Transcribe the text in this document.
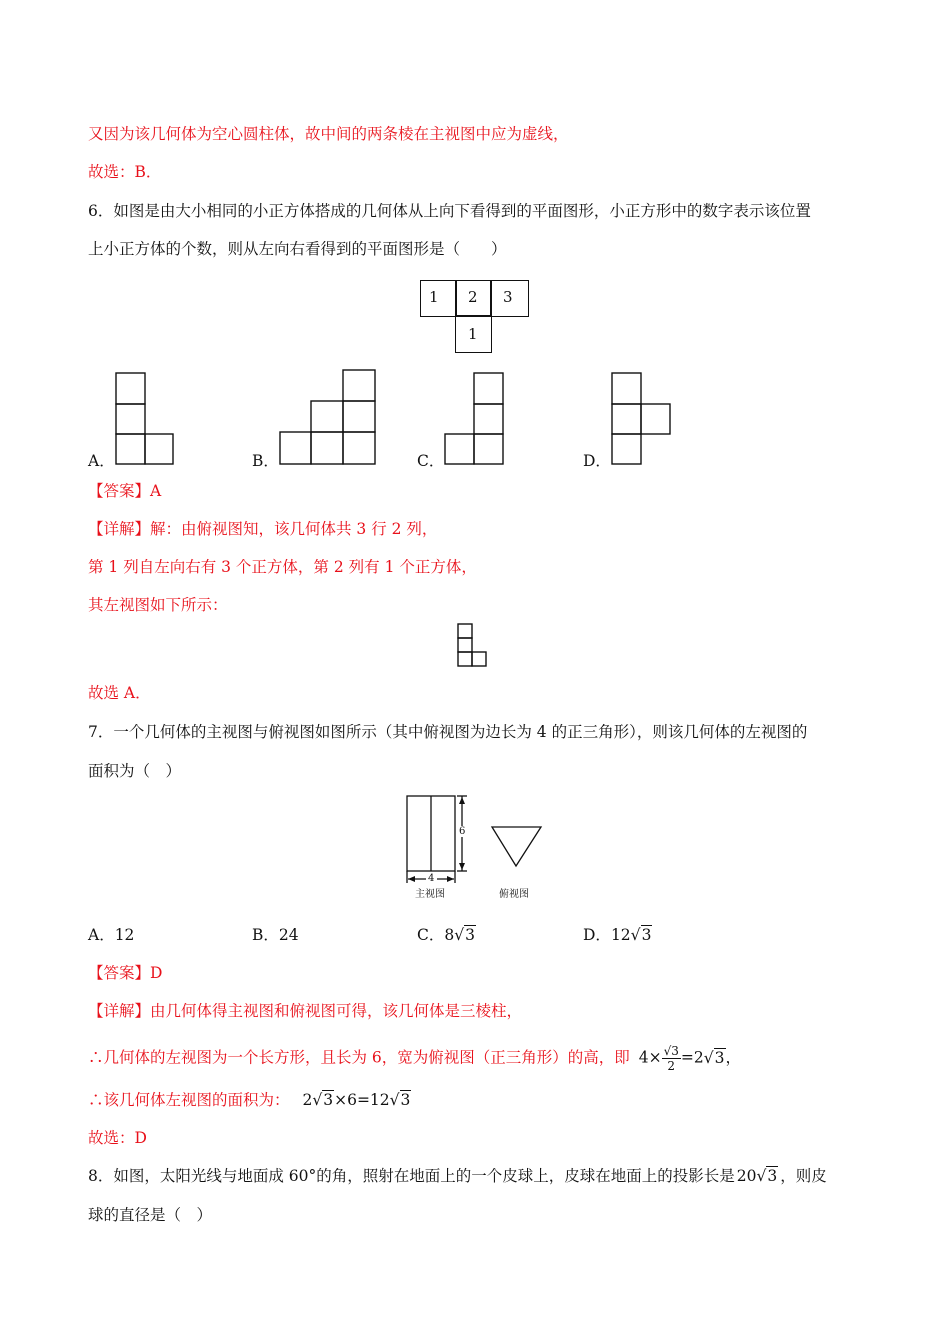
又因为该几何体为空心圆柱体，故中间的两条棱在主视图中应为虚线，
故选：B．
6．如图是由大小相同的小正方体搭成的几何体从上向下看得到的平面图形，小正方形中的数字表示该位置
上小正方体的个数，则从左向右看得到的平面图形是（　　）
1 2 3
1
A．	B．	C．	D．
【答案】A
【详解】解：由俯视图知，该几何体共 3 行 2 列，
第 1 列自左向右有 3 个正方体，第 2 列有 1 个正方体，
其左视图如下所示：
故选 A．
7．一个几何体的主视图与俯视图如图所示（其中俯视图为边长为 4 的正三角形），则该几何体的左视图的
面积为（　）
6
4
主视图	俯视图
A．12	B．24	C．8√3	D．12√3
【答案】D
【详解】由几何体得主视图和俯视图可得，该几何体是三棱柱，
∴几何体的左视图为一个长方形，且长为 6，宽为俯视图（正三角形）的高，即 $4\times \frac{√3}{2} =2√3$，
∴该几何体左视图的面积为： 2√3×6=12√3
故选：D
8．如图，太阳光线与地面成 60°的角，照射在地面上的一个皮球上，皮球在地面上的投影长是 20√3 ，则皮
球的直径是（　）
